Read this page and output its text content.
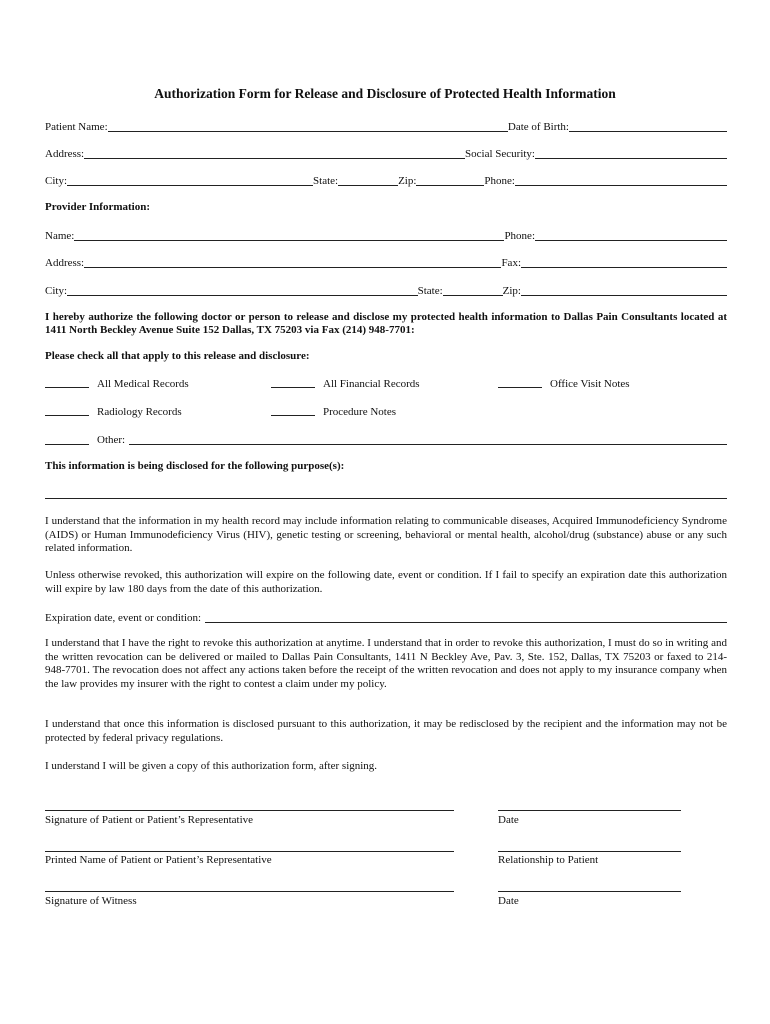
Authorization Form for Release and Disclosure of Protected Health Information
Patient Name:	Date of Birth:
Address:	Social Security:
City:	State:	Zip:	Phone:
Provider Information:
Name:	Phone:
Address:	Fax:
City:	State:	Zip:
I hereby authorize the following doctor or person to release and disclose my protected health information to Dallas Pain Consultants located at 1411 North Beckley Avenue Suite 152 Dallas, TX 75203 via Fax (214) 948-7701:
Please check all that apply to this release and disclosure:
All Medical Records	All Financial Records	Office Visit Notes
Radiology Records	Procedure Notes
Other:
This information is being disclosed for the following purpose(s):
I understand that the information in my health record may include information relating to communicable diseases, Acquired Immunodeficiency Syndrome (AIDS) or Human Immunodeficiency Virus (HIV), genetic testing or screening, behavioral or mental health, alcohol/drug (substance) abuse or any such related information.
Unless otherwise revoked, this authorization will expire on the following date, event or condition. If I fail to specify an expiration date this authorization will expire by law 180 days from the date of this authorization.
Expiration date, event or condition:
I understand that I have the right to revoke this authorization at anytime. I understand that in order to revoke this authorization, I must do so in writing and the written revocation can be delivered or mailed to Dallas Pain Consultants, 1411 N Beckley Ave, Pav. 3, Ste. 152, Dallas, TX 75203 or faxed to 214-948-7701. The revocation does not affect any actions taken before the receipt of the written revocation and does not apply to my insurance company when the law provides my insurer with the right to contest a claim under my policy.
I understand that once this information is disclosed pursuant to this authorization, it may be redisclosed by the recipient and the information may not be protected by federal privacy regulations.
I understand I will be given a copy of this authorization form, after signing.
Signature of Patient or Patient’s Representative	Date
Printed Name of Patient or Patient’s Representative	Relationship to Patient
Signature of Witness	Date
